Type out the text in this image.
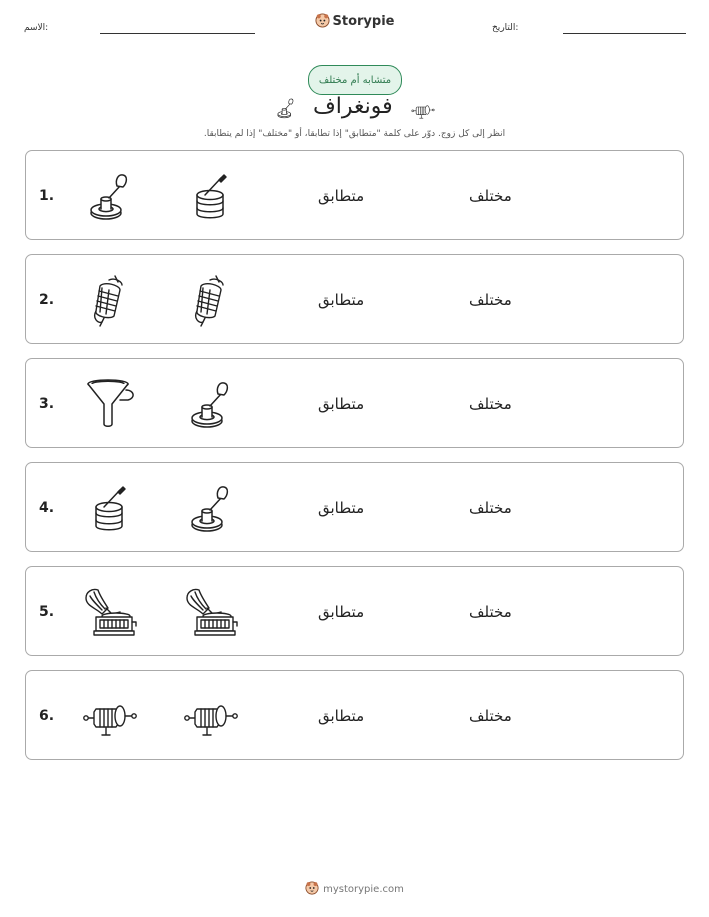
التاريخ:
الاسم:	Storypie
متشابه أم مختلف
فونغراف
انظر إلى كل زوج. دوّر على كلمة "متطابق" إذا تطابقا، أو "مختلف" إذا لم يتطابقا.
1.	متطابق	مختلف
2.	متطابق	مختلف
3.	متطابق	مختلف
4.	متطابق	مختلف
5.	متطابق	مختلف
6.	متطابق	مختلف
mystorypie.com
